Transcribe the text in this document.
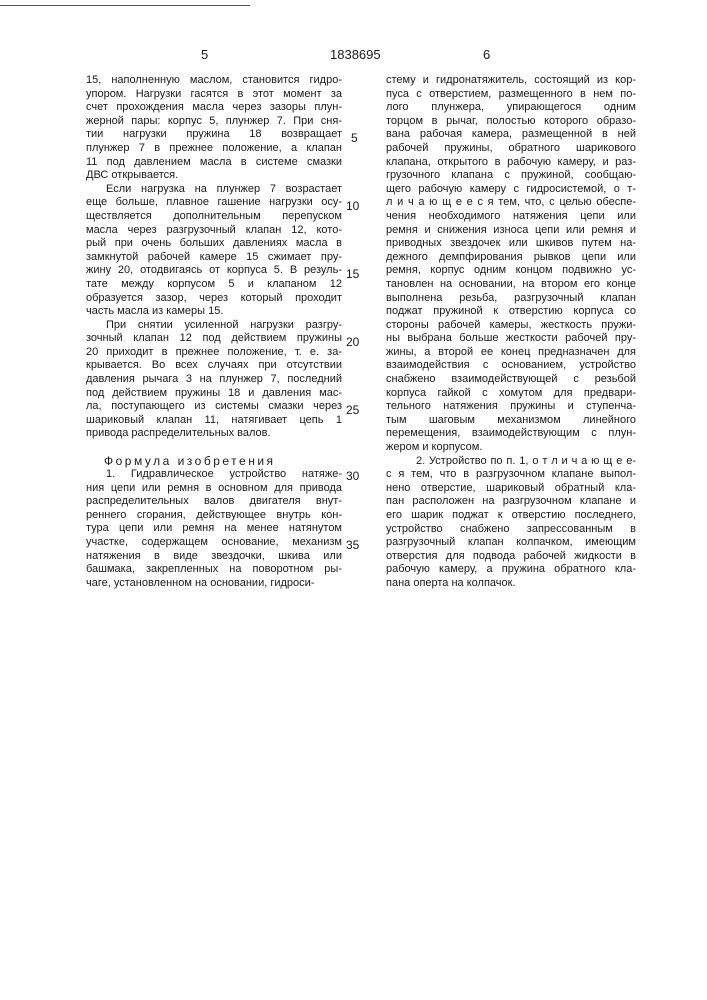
5	1838695	6
15, наполненную маслом, становится гидро-
упором. Нагрузки гасятся в этот момент за
счет прохождения масла через зазоры плун-
жерной пары: корпус 5, плунжер 7. При сня-
тии нагрузки пружина 18 возвращает
плунжер 7 в прежнее положение, а клапан
11 под давлением масла в системе смазки
ДВС открывается.
Если нагрузка на плунжер 7 возрастает
еще больше, плавное гашение нагрузки осу-
ществляется дополнительным перепуском
масла через разгрузочный клапан 12, кото-
рый при очень больших давлениях масла в
замкнутой рабочей камере 15 сжимает пру-
жину 20, отодвигаясь от корпуса 5. В резуль-
тате между корпусом 5 и клапаном 12
образуется зазор, через который проходит
часть масла из камеры 15.
При снятии усиленной нагрузки разгру-
зочный клапан 12 под действием пружины
20 приходит в прежнее положение, т. е. за-
крывается. Во всех случаях при отсутствии
давления рычага 3 на плунжер 7, последний
под действием пружины 18 и давления мас-
ла, поступающего из системы смазки через
шариковый клапан 11, натягивает цепь 1
привода распределительных валов.
Формула изобретения
1. Гидравлическое устройство натяже-
ния цепи или ремня в основном для привода
распределительных валов двигателя внут-
реннего сгорания, действующее внутрь кон-
тура цепи или ремня на менее натянутом
участке, содержащем основание, механизм
натяжения в виде звездочки, шкива или
башмака, закрепленных на поворотном ры-
чаге, установленном на основании, гидроси-
стему и гидронатяжитель, состоящий из кор-
пуса с отверстием, размещенного в нем по-
лого плунжера, упирающегося одним
торцом в рычаг, полостью которого образо-
вана рабочая камера, размещенной в ней
рабочей пружины, обратного шарикового
клапана, открытого в рабочую камеру, и раз-
грузочного клапана с пружиной, сообщаю-
щего рабочую камеру с гидросистемой, о т-
л и ч а ю щ е е с я тем, что, с целью обеспе-
чения необходимого натяжения цепи или
ремня и снижения износа цепи или ремня и
приводных звездочек или шкивов путем на-
дежного демпфирования рывков цепи или
ремня, корпус одним концом подвижно ус-
тановлен на основании, на втором его конце
выполнена резьба, разгрузочный клапан
поджат пружиной к отверстию корпуса со
стороны рабочей камеры, жесткость пружи-
ны выбрана больше жесткости рабочей пру-
жины, а второй ее конец предназначен для
взаимодействия с основанием, устройство
снабжено взаимодействующей с резьбой
корпуса гайкой с хомутом для предвари-
тельного натяжения пружины и ступенча-
тым шаговым механизмом линейного
перемещения, взаимодействующим с плун-
жером и корпусом.
2. Устройство по п. 1, о т л и ч а ю щ е е-
с я тем, что в разгрузочном клапане выпол-
нено отверстие, шариковый обратный кла-
пан расположен на разгрузочном клапане и
его шарик поджат к отверстию последнего,
устройство снабжено запрессованным в
разгрузочный клапан колпачком, имеющим
отверстия для подвода рабочей жидкости в
рабочую камеру, а пружина обратного кла-
пана оперта на колпачок.
5
10
15
20
25
30
35
